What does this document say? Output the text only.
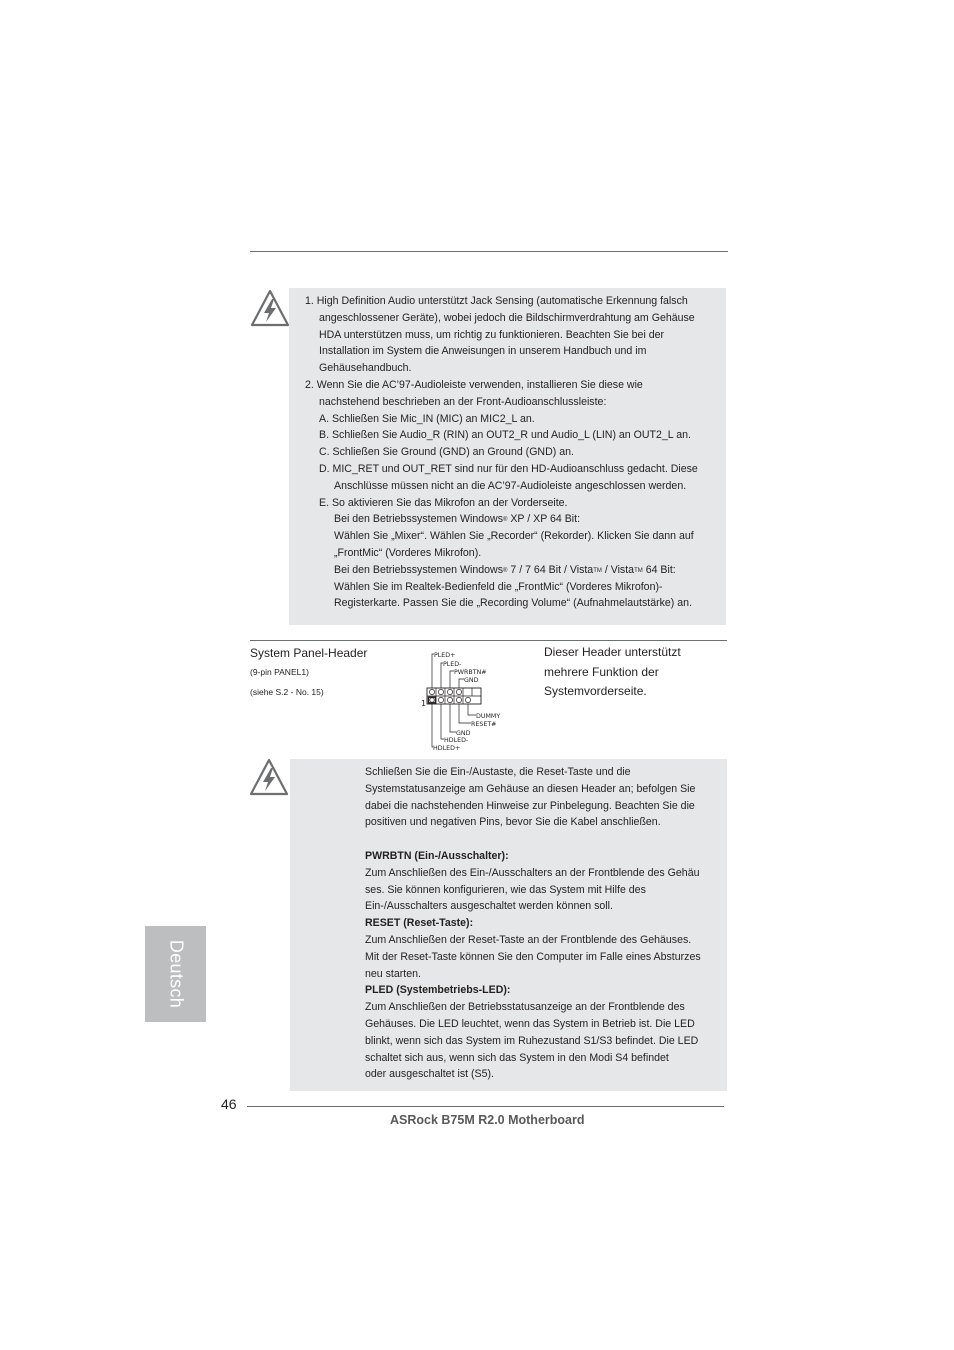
1. High Definition Audio unterstützt Jack Sensing (automatische Erkennung falsch
angeschlossener Geräte), wobei jedoch die Bildschirmverdrahtung am Gehäuse
HDA unterstützen muss, um richtig zu funktionieren. Beachten Sie bei der
Installation im System die Anweisungen in unserem Handbuch und im
Gehäusehandbuch.
2. Wenn Sie die AC’97-Audioleiste verwenden, installieren Sie diese wie
nachstehend beschrieben an der Front-Audioanschlussleiste:
A. Schließen Sie Mic_IN (MIC) an MIC2_L an.
B. Schließen Sie Audio_R (RIN) an OUT2_R und Audio_L (LIN) an OUT2_L an.
C. Schließen Sie Ground (GND) an Ground (GND) an.
D. MIC_RET und OUT_RET sind nur für den HD-Audioanschluss gedacht. Diese
Anschlüsse müssen nicht an die AC’97-Audioleiste angeschlossen werden.
E. So aktivieren Sie das Mikrofon an der Vorderseite.
Bei den Betriebssystemen Windows® XP / XP 64 Bit:
Wählen Sie „Mixer“. Wählen Sie „Recorder“ (Rekorder). Klicken Sie dann auf
„FrontMic“ (Vorderes Mikrofon).
Bei den Betriebssystemen Windows® 7 / 7 64 Bit / Vista™ / Vista™ 64 Bit:
Wählen Sie im Realtek-Bedienfeld die „FrontMic“ (Vorderes Mikrofon)-
Registerkarte. Passen Sie die „Recording Volume“ (Aufnahmelautstärke) an.
System Panel-Header
(9-pin PANEL1)
(siehe S.2 - No. 15)
Dieser Header unterstützt
mehrere Funktion der
Systemvorderseite.
PLED+
PLED-
PWRBTN#
GND
1
DUMMY
RESET#
GND
HDLED-
HDLED+
Schließen Sie die Ein-/Austaste, die Reset-Taste und die
Systemstatusanzeige am Gehäuse an diesen Header an; befolgen Sie
dabei die nachstehenden Hinweise zur Pinbelegung. Beachten Sie die
positiven und negativen Pins, bevor Sie die Kabel anschließen.
PWRBTN (Ein-/Ausschalter):
Zum Anschließen des Ein-/Ausschalters an der Frontblende des Gehäu
ses. Sie können konfigurieren, wie das System mit Hilfe des
Ein-/Ausschalters ausgeschaltet werden können soll.
RESET (Reset-Taste):
Zum Anschließen der Reset-Taste an der Frontblende des Gehäuses.
Mit der Reset-Taste können Sie den Computer im Falle eines Absturzes
neu starten.
PLED (Systembetriebs-LED):
Zum Anschließen der Betriebsstatusanzeige an der Frontblende des
Gehäuses. Die LED leuchtet, wenn das System in Betrieb ist. Die LED
blinkt, wenn sich das System im Ruhezustand S1/S3 befindet. Die LED
schaltet sich aus, wenn sich das System in den Modi S4 befindet
oder ausgeschaltet ist (S5).
Deutsch
46
ASRock B75M R2.0 Motherboard
